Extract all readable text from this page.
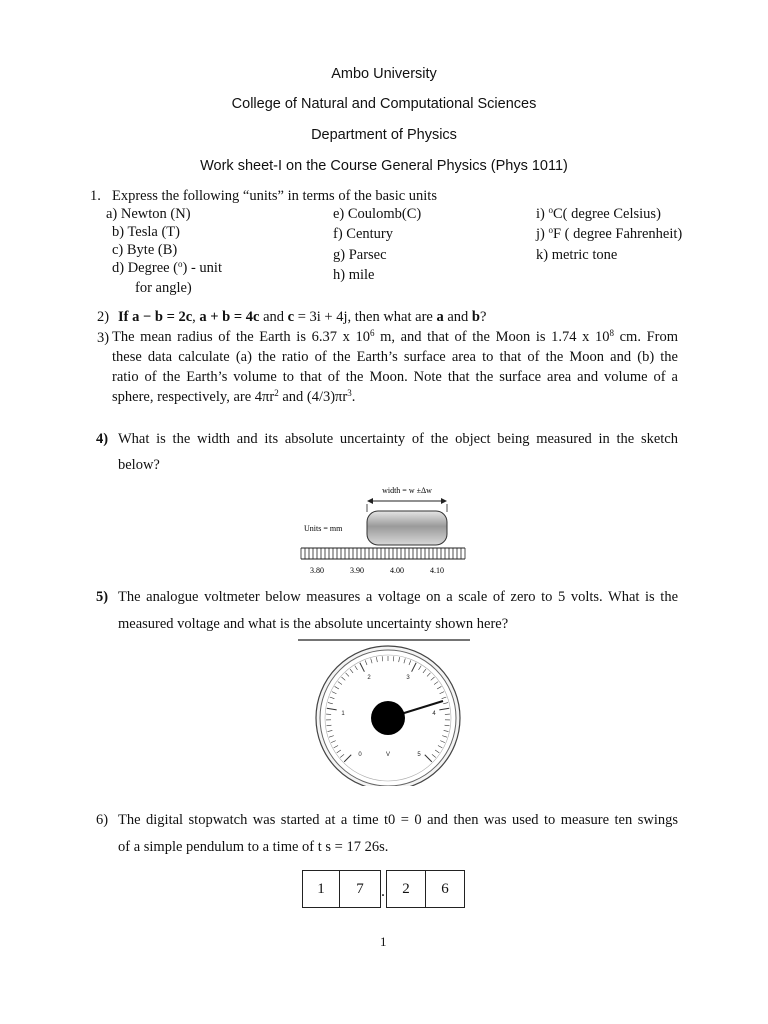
Ambo University
College of Natural and Computational Sciences
Department of Physics
Work sheet-I on the Course General Physics (Phys 1011)
1. Express the following “units” in terms of the basic units
a) Newton (N)
b) Tesla (T)
c) Byte (B)
d) Degree ($^o$) - unit
for angle)
e) Coulomb(C)
f) Century
g) Parsec
h) mile
i) $^o$C( degree Celsius)
j) $^o$F ( degree Fahrenheit)
k) metric tone
2) If a − b = 2c, a + b = 4c and c = 3i + 4j, then what are a and b?
3) The mean radius of the Earth is 6.37 x $10^6$ m, and that of the Moon is 1.74 x $10^8$ cm. From
these data calculate (a) the ratio of the Earth’s surface area to that of the Moon and (b) the
ratio of the Earth’s volume to that of the Moon. Note that the surface area and volume of a
sphere, respectively, are $4\pi r^2$ and $(4/3)\pi r^3$.
4) What is the width and its absolute uncertainty of the object being measured in the sketch
below?
width = w ±Δw
Units = mm
3.80	3.90	4.00	4.10
5) The analogue voltmeter below measures a voltage on a scale of zero to 5 volts. What is the
measured voltage and what is the absolute uncertainty shown here?
0
1
2	3
4
5
V
6) The digital stopwatch was started at a time t0 = 0 and then was used to measure ten swings
of a simple pendulum to a time of t s = 17 26s.
1	7	.	2	6
1
